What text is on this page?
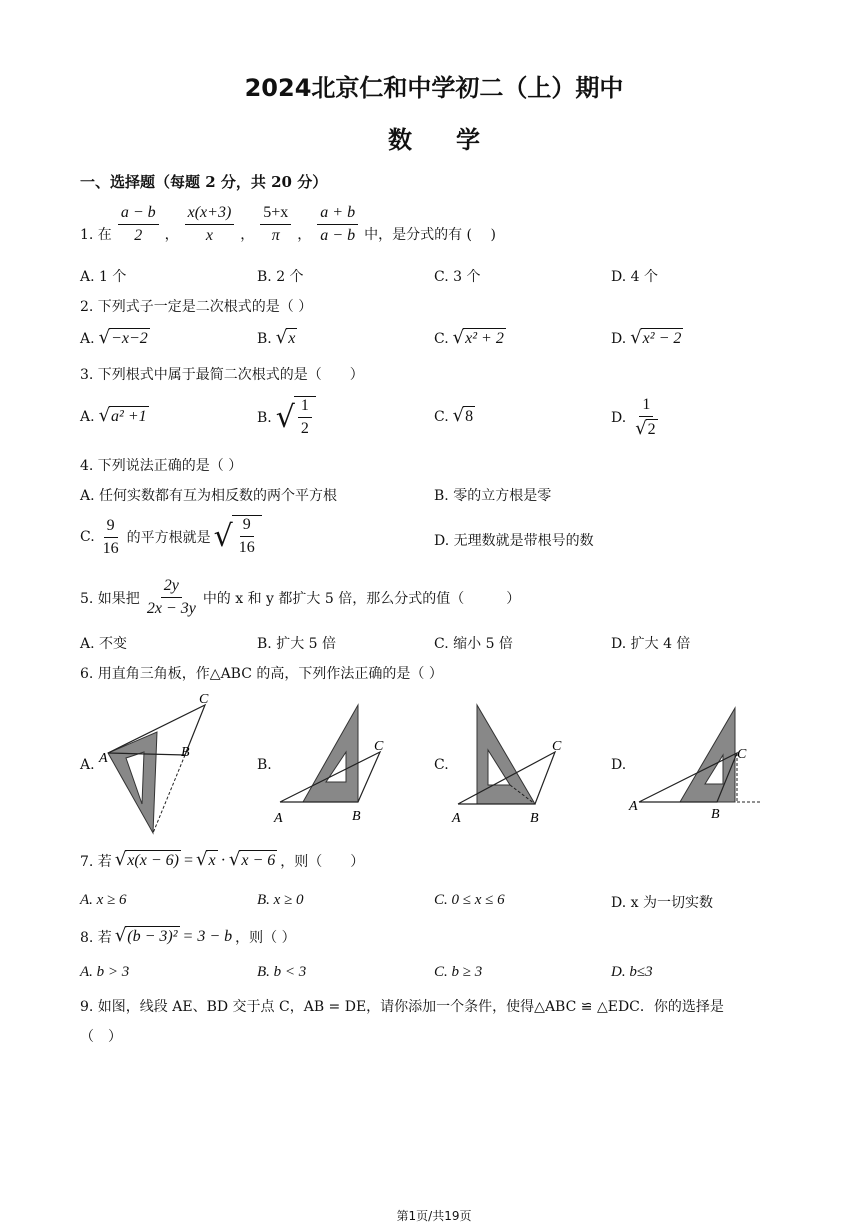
2024北京仁和中学初二（上）期中
数学
一、选择题（每题 2 分，共 20 分）
1. 在 $\frac{a - b}{2}$ ， $\frac{x(x+3)}{x}$ ， $\frac{5+x}{\pi}$ ， $\frac{a + b}{a - b}$ 中，是分式的有 (　 )
A. 1 个	B. 2 个	C. 3 个	D. 4 个
2. 下列式子一定是二次根式的是（ ）
A. √ −x−2	B. √ x	C. √ x² + 2	D. √ x² − 2
3. 下列根式中属于最简二次根式的是（　　）
A. √ a² +1	B. √ $\frac{1}{2}$	C. √ 8	D. $\frac{1}{√ 2}$
4. 下列说法正确的是（ ）
A. 任何实数都有互为相反数的两个平方根	B. 零的立方根是零
C. $\frac{9}{16}$ 的平方根就是 √ $\frac{9}{16}$	D. 无理数就是带根号的数
5. 如果把 $\frac{2y}{2x - 3y}$ 中的 x 和 y 都扩大 5 倍，那么分式的值（　　　）
A. 不变	B. 扩大 5 倍	C. 缩小 5 倍	D. 扩大 4 倍
6. 用直角三角板，作△ABC 的高，下列作法正确的是（ ）
A. A
C
B
B.
A
C
B
C.
A
C
B
D.
A
C
B
7. 若 √ x(x − 6) = √ x · √ x − 6 ，则（　　）
A. x ≥ 6	B. x ≥ 0	C. 0 ≤ x ≤ 6	D. x 为一切实数
8. 若 √ (b − 3)² = 3 − b ，则（ ）
A. b > 3	B. b < 3	C. b ≥ 3	D. b≤3
9. 如图，线段 AE、BD 交于点 C，AB = DE，请你添加一个条件，使得△ABC ≌ △EDC．你的选择是
（　）
第1页/共19页
